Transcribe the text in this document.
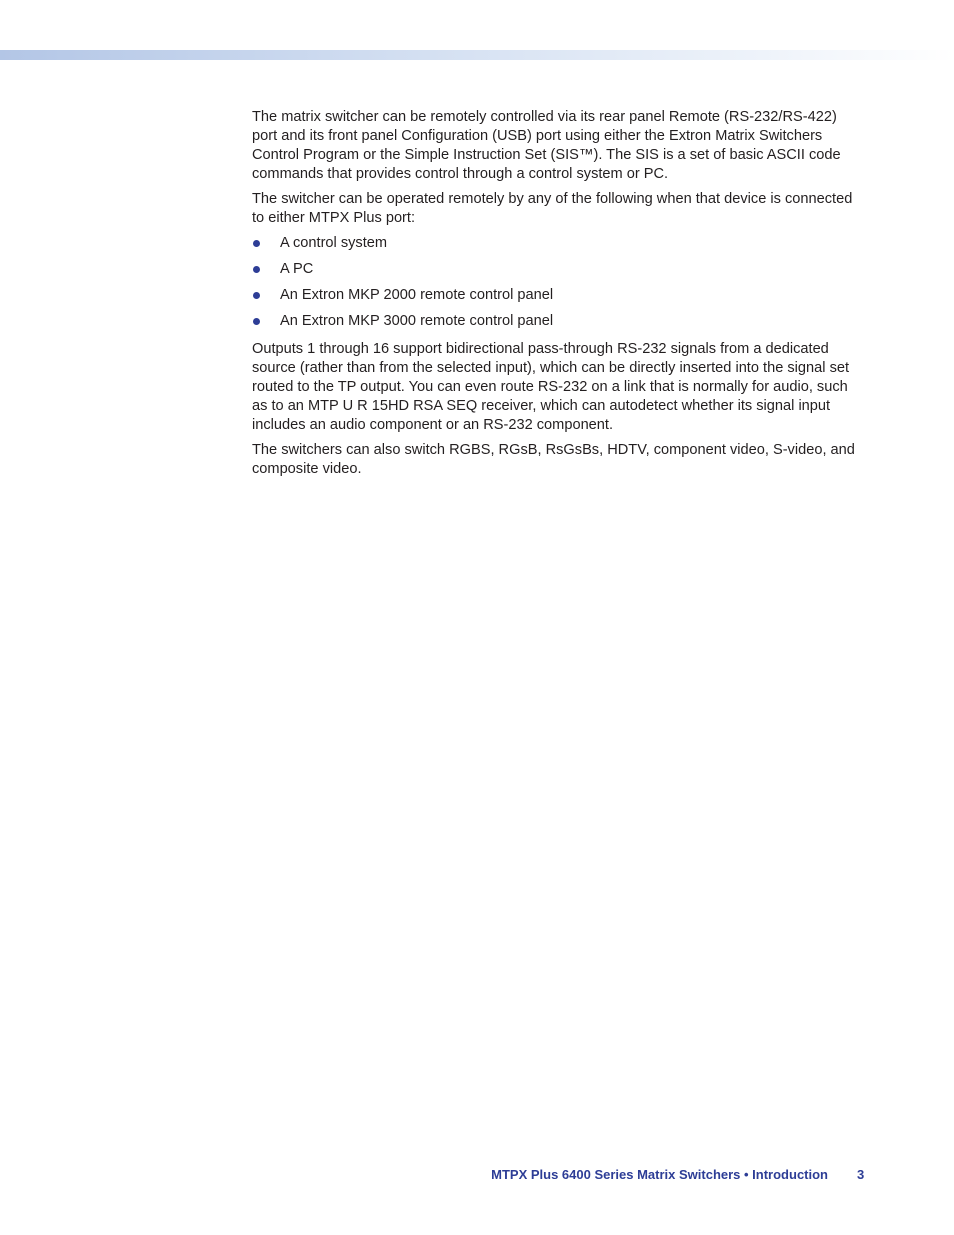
The matrix switcher can be remotely controlled via its rear panel Remote (RS-232/RS-422) port and its front panel Configuration (USB) port using either the Extron Matrix Switchers Control Program or the Simple Instruction Set (SIS™). The SIS is a set of basic ASCII code commands that provides control through a control system or PC.

The switcher can be operated remotely by any of the following when that device is connected to either MTPX Plus port:

A control system
A PC
An Extron MKP 2000 remote control panel
An Extron MKP 3000 remote control panel

Outputs 1 through 16 support bidirectional pass-through RS-232 signals from a dedicated source (rather than from the selected input), which can be directly inserted into the signal set routed to the TP output. You can even route RS-232 on a link that is normally for audio, such as to an MTP U R 15HD RSA SEQ receiver, which can autodetect whether its signal input includes an audio component or an RS-232 component.

The switchers can also switch RGBS, RGsB, RsGsBs, HDTV, component video, S-video, and composite video.

MTPX Plus 6400 Series Matrix Switchers • Introduction 3
